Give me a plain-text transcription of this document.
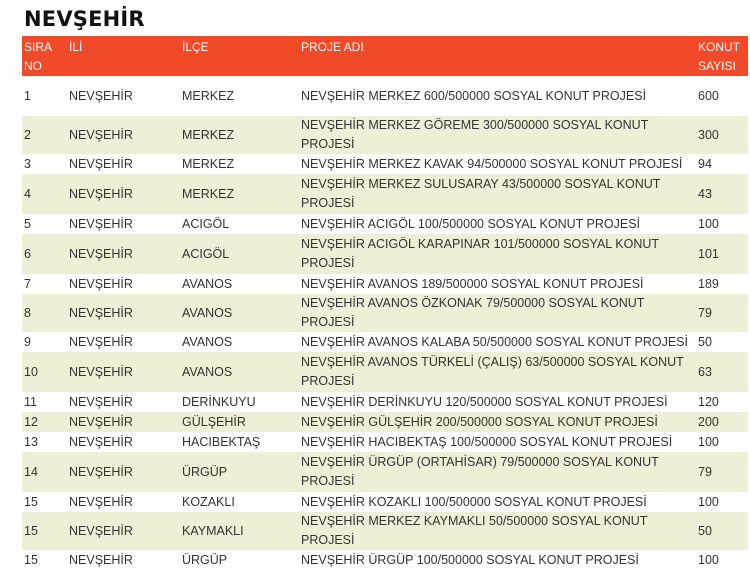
NEVŞEHİR
SIRA NO	İLİ	İLÇE	PROJE ADI	KONUT SAYISI
1	NEVŞEHİR	MERKEZ	NEVŞEHİR MERKEZ 600/500000 SOSYAL KONUT PROJESİ	600
2	NEVŞEHİR	MERKEZ	NEVŞEHİR MERKEZ GÖREME 300/500000 SOSYAL KONUT PROJESİ	300
3	NEVŞEHİR	MERKEZ	NEVŞEHİR MERKEZ KAVAK 94/500000 SOSYAL KONUT PROJESİ	94
4	NEVŞEHİR	MERKEZ	NEVŞEHİR MERKEZ SULUSARAY 43/500000 SOSYAL KONUT PROJESİ	43
5	NEVŞEHİR	ACIGÖL	NEVŞEHİR ACIGÖL 100/500000 SOSYAL KONUT PROJESİ	100
6	NEVŞEHİR	ACIGÖL	NEVŞEHİR ACIGÖL KARAPINAR 101/500000 SOSYAL KONUT PROJESİ	101
7	NEVŞEHİR	AVANOS	NEVŞEHİR AVANOS 189/500000 SOSYAL KONUT PROJESİ	189
8	NEVŞEHİR	AVANOS	NEVŞEHİR AVANOS ÖZKONAK 79/500000 SOSYAL KONUT PROJESİ	79
9	NEVŞEHİR	AVANOS	NEVŞEHİR AVANOS KALABA 50/500000 SOSYAL KONUT PROJESİ	50
10	NEVŞEHİR	AVANOS	NEVŞEHİR AVANOS TÜRKELİ (ÇALIŞ) 63/500000 SOSYAL KONUT PROJESİ	63
11	NEVŞEHİR	DERİNKUYU	NEVŞEHİR DERİNKUYU 120/500000 SOSYAL KONUT PROJESİ	120
12	NEVŞEHİR	GÜLŞEHİR	NEVŞEHİR GÜLŞEHİR 200/500000 SOSYAL KONUT PROJESİ	200
13	NEVŞEHİR	HACIBEKTAŞ	NEVŞEHİR HACIBEKTAŞ 100/500000 SOSYAL KONUT PROJESİ	100
14	NEVŞEHİR	ÜRGÜP	NEVŞEHİR ÜRGÜP (ORTAHİSAR) 79/500000 SOSYAL KONUT PROJESİ	79
15	NEVŞEHİR	KOZAKLI	NEVŞEHİR KOZAKLI 100/500000 SOSYAL KONUT PROJESİ	100
15	NEVŞEHİR	KAYMAKLI	NEVŞEHİR MERKEZ KAYMAKLI 50/500000 SOSYAL KONUT PROJESİ	50
15	NEVŞEHİR	ÜRGÜP	NEVŞEHİR ÜRGÜP 100/500000 SOSYAL KONUT PROJESİ	100
